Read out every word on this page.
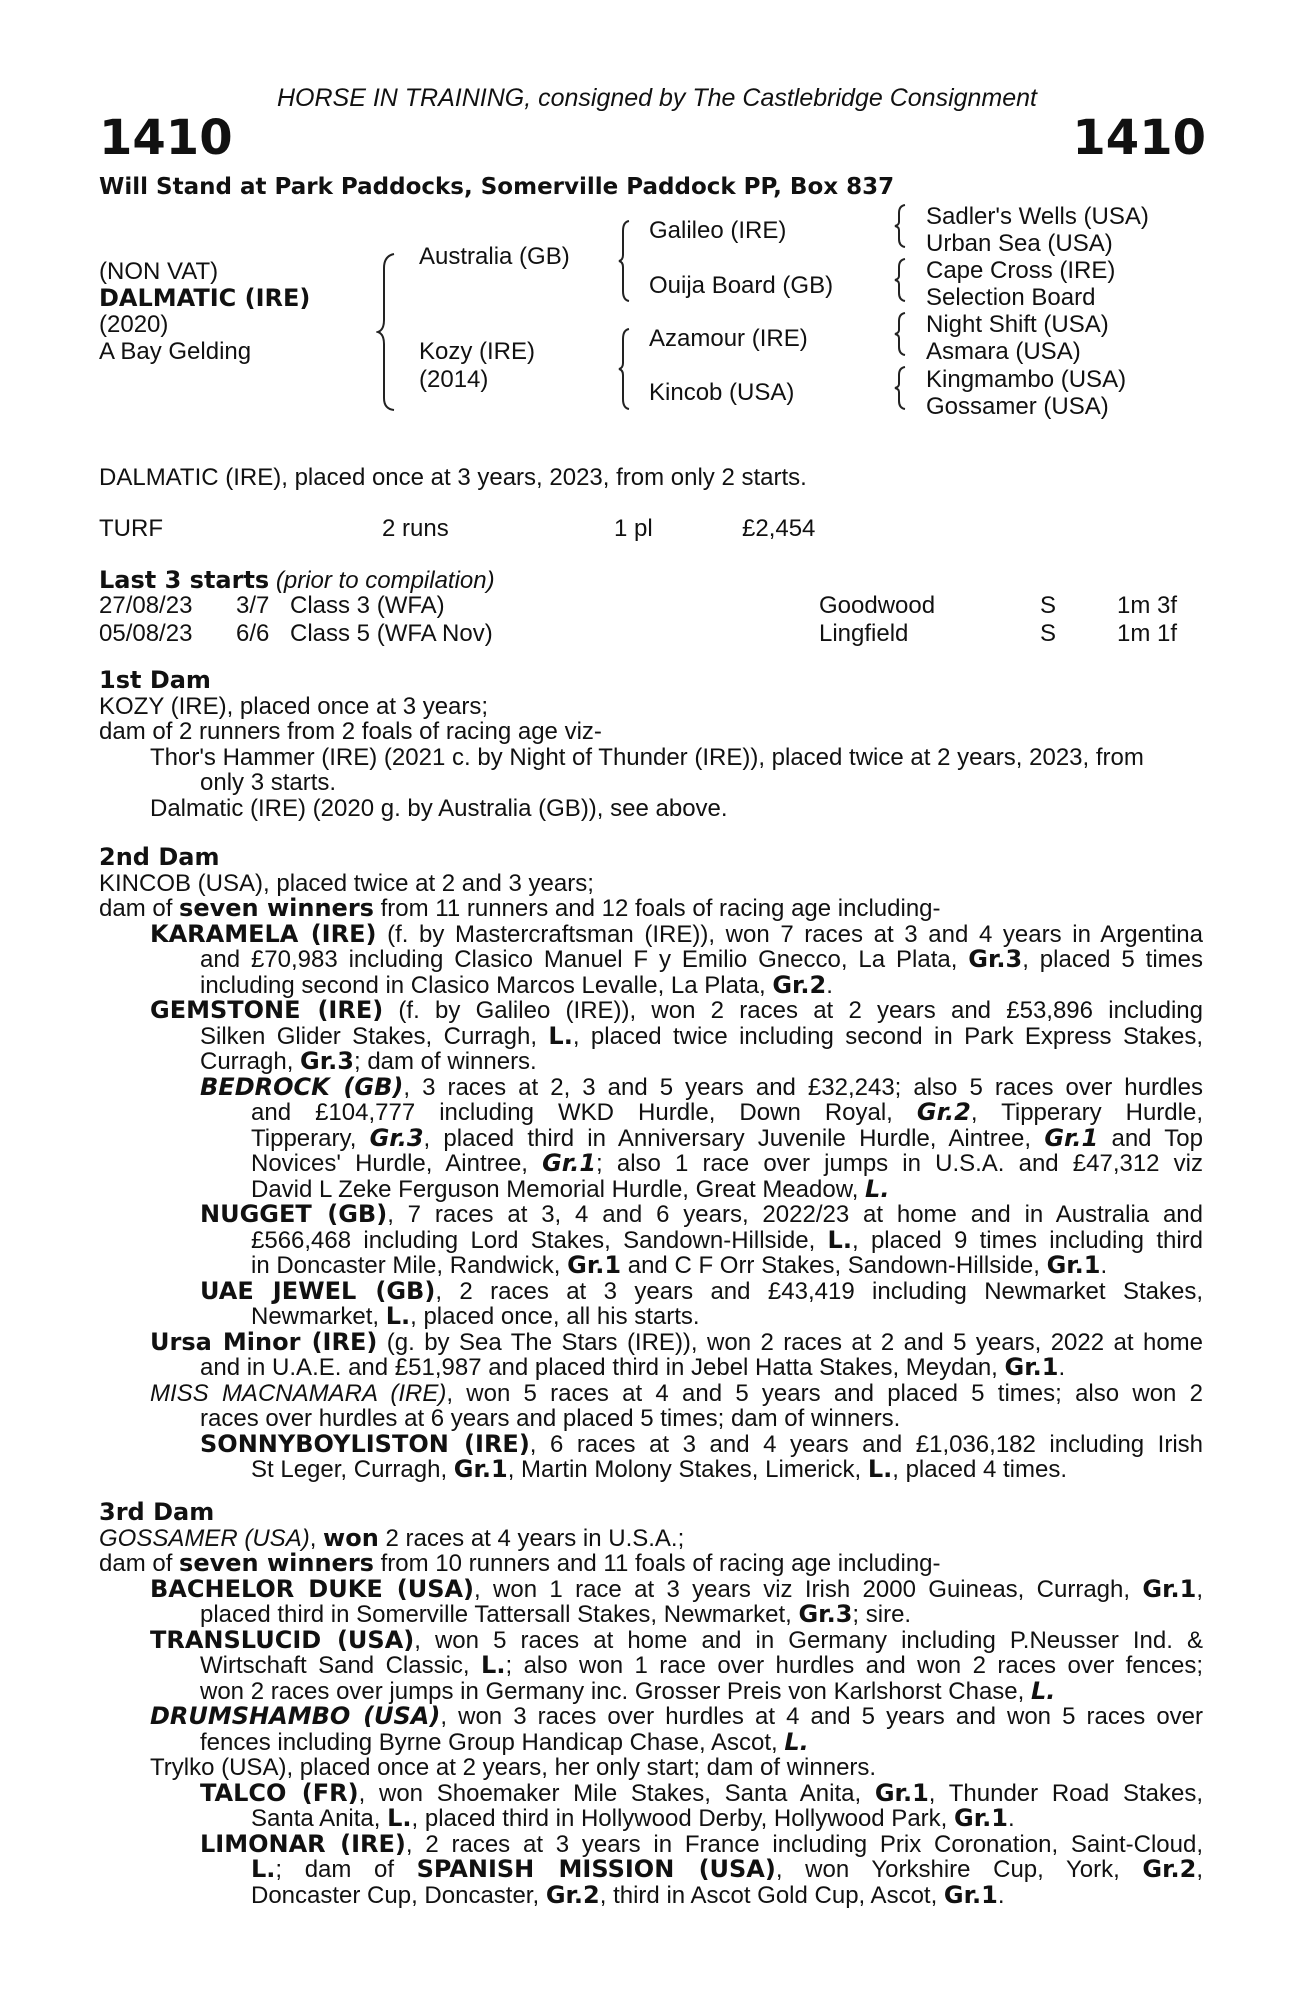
HORSE IN TRAINING, consigned by The Castlebridge Consignment
1410	1410
Will Stand at Park Paddocks, Somerville Paddock PP, Box 837
(NON VAT)
DALMATIC (IRE)
(2020)
A Bay Gelding
Australia (GB)
Kozy (IRE)
(2014)
Galileo (IRE)
Ouija Board (GB)
Azamour (IRE)
Kincob (USA)
Sadler's Wells (USA)
Urban Sea (USA)
Cape Cross (IRE)
Selection Board
Night Shift (USA)
Asmara (USA)
Kingmambo (USA)
Gossamer (USA)
DALMATIC (IRE), placed once at 3 years, 2023, from only 2 starts.
TURF	2 runs	1 pl	£2,454
Last 3 starts (prior to compilation)
27/08/23	3/7	Class 3 (WFA)	Goodwood	S	1m 3f
05/08/23	6/6	Class 5 (WFA Nov)	Lingfield	S	1m 1f
1st Dam
KOZY (IRE), placed once at 3 years;
dam of 2 runners from 2 foals of racing age viz-
Thor's Hammer (IRE) (2021 c. by Night of Thunder (IRE)), placed twice at 2 years, 2023, from
only 3 starts.
Dalmatic (IRE) (2020 g. by Australia (GB)), see above.
2nd Dam
KINCOB (USA), placed twice at 2 and 3 years;
dam of seven winners from 11 runners and 12 foals of racing age including-
KARAMELA (IRE) (f. by Mastercraftsman (IRE)), won 7 races at 3 and 4 years in Argentina
and £70,983 including Clasico Manuel F y Emilio Gnecco, La Plata, Gr.3, placed 5 times
including second in Clasico Marcos Levalle, La Plata, Gr.2.
GEMSTONE (IRE) (f. by Galileo (IRE)), won 2 races at 2 years and £53,896 including
Silken Glider Stakes, Curragh, L., placed twice including second in Park Express Stakes,
Curragh, Gr.3; dam of winners.
BEDROCK (GB), 3 races at 2, 3 and 5 years and £32,243; also 5 races over hurdles
and £104,777 including WKD Hurdle, Down Royal, Gr.2, Tipperary Hurdle,
Tipperary, Gr.3, placed third in Anniversary Juvenile Hurdle, Aintree, Gr.1 and Top
Novices' Hurdle, Aintree, Gr.1; also 1 race over jumps in U.S.A. and £47,312 viz
David L Zeke Ferguson Memorial Hurdle, Great Meadow, L.
NUGGET (GB), 7 races at 3, 4 and 6 years, 2022/23 at home and in Australia and
£566,468 including Lord Stakes, Sandown-Hillside, L., placed 9 times including third
in Doncaster Mile, Randwick, Gr.1 and C F Orr Stakes, Sandown-Hillside, Gr.1.
UAE JEWEL (GB), 2 races at 3 years and £43,419 including Newmarket Stakes,
Newmarket, L., placed once, all his starts.
Ursa Minor (IRE) (g. by Sea The Stars (IRE)), won 2 races at 2 and 5 years, 2022 at home
and in U.A.E. and £51,987 and placed third in Jebel Hatta Stakes, Meydan, Gr.1.
MISS MACNAMARA (IRE), won 5 races at 4 and 5 years and placed 5 times; also won 2
races over hurdles at 6 years and placed 5 times; dam of winners.
SONNYBOYLISTON (IRE), 6 races at 3 and 4 years and £1,036,182 including Irish
St Leger, Curragh, Gr.1, Martin Molony Stakes, Limerick, L., placed 4 times.
3rd Dam
GOSSAMER (USA), won 2 races at 4 years in U.S.A.;
dam of seven winners from 10 runners and 11 foals of racing age including-
BACHELOR DUKE (USA), won 1 race at 3 years viz Irish 2000 Guineas, Curragh, Gr.1,
placed third in Somerville Tattersall Stakes, Newmarket, Gr.3; sire.
TRANSLUCID (USA), won 5 races at home and in Germany including P.Neusser Ind. &
Wirtschaft Sand Classic, L.; also won 1 race over hurdles and won 2 races over fences;
won 2 races over jumps in Germany inc. Grosser Preis von Karlshorst Chase, L.
DRUMSHAMBO (USA), won 3 races over hurdles at 4 and 5 years and won 5 races over
fences including Byrne Group Handicap Chase, Ascot, L.
Trylko (USA), placed once at 2 years, her only start; dam of winners.
TALCO (FR), won Shoemaker Mile Stakes, Santa Anita, Gr.1, Thunder Road Stakes,
Santa Anita, L., placed third in Hollywood Derby, Hollywood Park, Gr.1.
LIMONAR (IRE), 2 races at 3 years in France including Prix Coronation, Saint-Cloud,
L.; dam of SPANISH MISSION (USA), won Yorkshire Cup, York, Gr.2,
Doncaster Cup, Doncaster, Gr.2, third in Ascot Gold Cup, Ascot, Gr.1.
